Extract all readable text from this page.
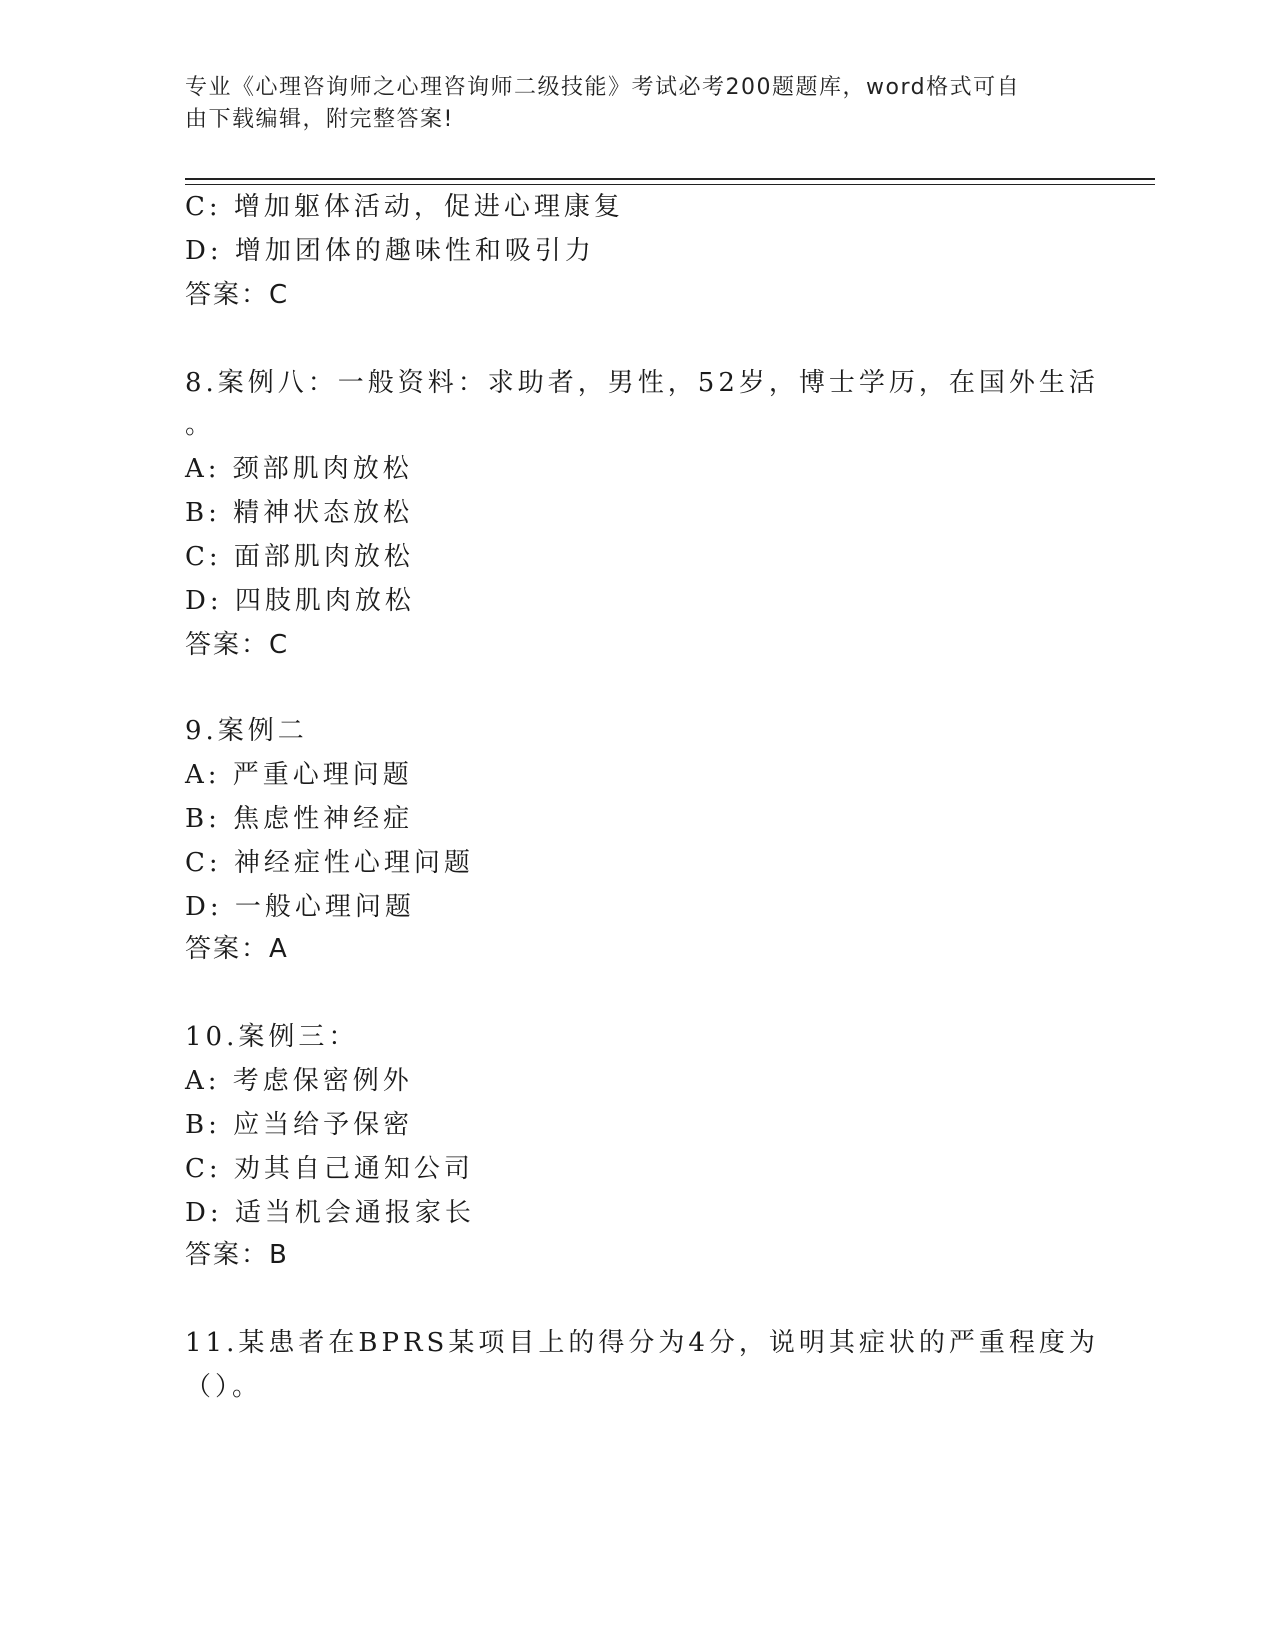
专业《心理咨询师之心理咨询师二级技能》考试必考200题题库，word格式可自
由下载编辑，附完整答案!
C: 增加躯体活动，促进心理康复
D: 增加团体的趣味性和吸引力
答案：C
8.案例八：一般资料：求助者，男性，52岁，博士学历，在国外生活
。
A: 颈部肌肉放松
B: 精神状态放松
C: 面部肌肉放松
D: 四肢肌肉放松
答案：C
9.案例二
A: 严重心理问题
B: 焦虑性神经症
C: 神经症性心理问题
D: 一般心理问题
答案：A
10.案例三：
A: 考虑保密例外
B: 应当给予保密
C: 劝其自己通知公司
D: 适当机会通报家长
答案：B
11.某患者在BPRS某项目上的得分为4分，说明其症状的严重程度为
（）。
